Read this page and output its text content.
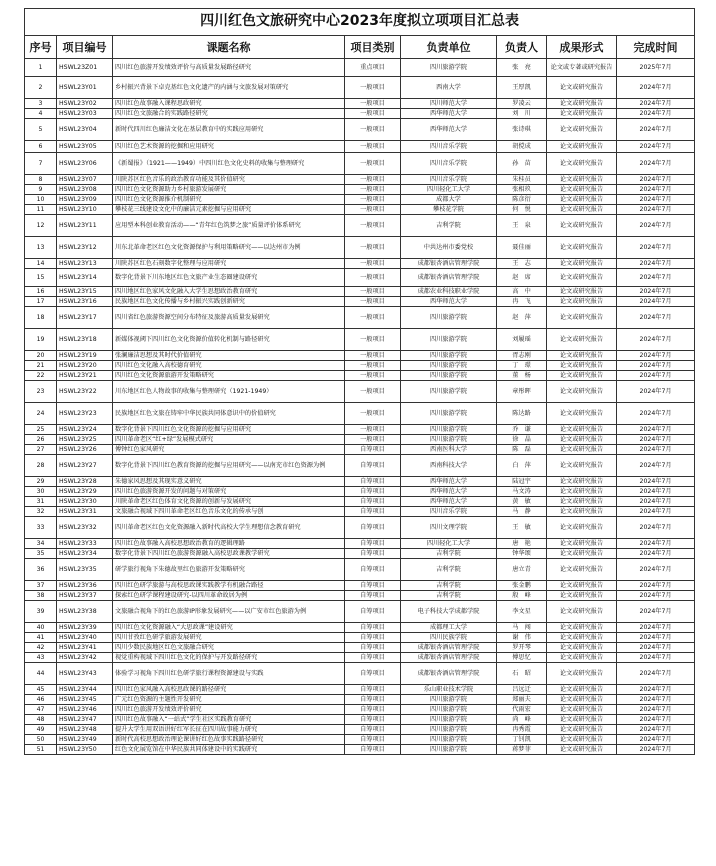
四川红色文旅研究中心2023年度拟立项项目汇总表							
序号	项目编号	课题名称	项目类别	负责单位	负责人	成果形式	完成时间
1	HSWL23Z01	四川红色旅游开发绩效评价与高质量发展路径研究	重点项目	四川旅游学院	张　亮	论文或专著或研究报告	2025年7月
2	HSWL23Y01	乡村振兴背景下卓克基红色文化遗产的内涵与文旅发展对策研究	一般项目	西南大学	王厚凯	论文或研究报告	2024年7月
3	HSWL23Y02	四川红色故事融入课程思政研究	一般项目	四川师范大学	罗凌云	论文或研究报告	2024年7月
4	HSWL23Y03	四川红色文旅融合的实践路径研究	一般项目	西华师范大学	刘　川	论文或研究报告	2024年7月
5	HSWL23Y04	新时代四川红色廉洁文化在基层教育中的实践应用研究	一般项目	西华师范大学	张诗琪	论文或研究报告	2024年7月
6	HSWL23Y05	四川红色艺术资源的挖掘和应用研究	一般项目	四川音乐学院	胡傥成	论文或研究报告	2024年7月
7	HSWL23Y06	《新蜀报》（1921——1949）中四川红色文化史料的收集与整理研究	一般项目	四川音乐学院	孙　苗	论文或研究报告	2024年7月
8	HSWL23Y07	川陕苏区红色音乐的政治教育功能及其价值研究	一般项目	四川音乐学院	朱桂员	论文或研究报告	2024年7月
9	HSWL23Y08	四川红色文化资源助力乡村旅游发展研究	一般项目	四川轻化工大学	张相玖	论文或研究报告	2024年7月
10	HSWL23Y09	四川红色文化资源推介机制研究	一般项目	成都大学	陈彦衍	论文或研究报告	2024年7月
11	HSWL23Y10	攀枝花三线建设文化中的廉洁元素挖掘与应用研究	一般项目	攀枝花学院	何　悦	论文或研究报告	2024年7月
12	HSWL23Y11	应用型本科创业教育活动——“青年红色筑梦之旅”质量评价体系研究	一般项目	吉利学院	王　泉	论文或研究报告	2024年7月
13	HSWL23Y12	川东北革命老区红色文化资源保护与利用策略研究——以达州市为例	一般项目	中共达州市委党校	聂佳丽	论文或研究报告	2024年7月
14	HSWL23Y13	川陕苏区红色石刻数字化整理与应用研究	一般项目	成都银杏酒店管理学院	王　志	论文或研究报告	2024年7月
15	HSWL23Y14	数字化背景下川东地区红色文旅产业生态圈建设研究	一般项目	成都银杏酒店管理学院	赵　席	论文或研究报告	2024年7月
16	HSWL23Y15	四川地区红色家风文化融入大学生思想政治教育研究	一般项目	成都农业科技职业学院	高　中	论文或研究报告	2024年7月
17	HSWL23Y16	民族地区红色文化传播与乡村振兴实践创新研究	一般项目	西华师范大学	冉　飞	论文或研究报告	2024年7月
18	HSWL23Y17	四川省红色旅游资源空间分布特征及旅游高质量发展研究	一般项目	四川旅游学院	赵　萍	论文或研究报告	2024年7月
19	HSWL23Y18	新媒体视阈下四川红色文化资源价值转化机制与路径研究	一般项目	四川旅游学院	刘履瑶	论文或研究报告	2024年7月
20	HSWL23Y19	张澜廉洁思想及其时代价值研究	一般项目	四川旅游学院	胥志刚	论文或研究报告	2024年7月
21	HSWL23Y20	四川红色文化融入高校德育研究	一般项目	四川旅游学院	丁　璟	论文或研究报告	2024年7月
22	HSWL23Y21	四川红色文化资源旅游开发策略研究	一般项目	四川旅游学院	董　杨	论文或研究报告	2024年7月
23	HSWL23Y22	川东地区红色人物故事的收集与整理研究（1921-1949）	一般项目	四川旅游学院	章彤晖	论文或研究报告	2024年7月
24	HSWL23Y23	民族地区红色文旅在铸牢中华民族共同体意识中的价值研究	一般项目	四川旅游学院	陈达路	论文或研究报告	2024年7月
25	HSWL23Y24	数字化背景下四川红色文化资源的挖掘与应用研究	一般项目	四川旅游学院	乔　谦	论文或研究报告	2024年7月
26	HSWL23Y25	四川革命老区“红+绿”发展模式研究	一般项目	四川旅游学院	徐　晶	论文或研究报告	2024年7月
27	HSWL23Y26	傅钟红色家风研究	自筹项目	西南医科大学	陈　磊	论文或研究报告	2024年7月
28	HSWL23Y27	数字化背景下四川红色教育资源的挖掘与应用研究——以南充市红色资源为例	自筹项目	西南科技大学	白　萍	论文或研究报告	2024年7月
29	HSWL23Y28	朱德家风思想及其现实意义研究	自筹项目	西华师范大学	陆冠宇	论文或研究报告	2024年7月
30	HSWL23Y29	四川红色旅游资源开发的问题与对策研究	自筹项目	西华师范大学	马文涛	论文或研究报告	2024年7月
31	HSWL23Y30	川陕革命老区红色体育文化资源的创新与发展研究	自筹项目	西华师范大学	黄　敏	论文或研究报告	2024年7月
32	HSWL23Y31	文旅融合视域下四川革命老区红色音乐文化的传承与创	自筹项目	四川音乐学院	马　静	论文或研究报告	2024年7月
33	HSWL23Y32	四川革命老区红色文化资源融入新时代高校大学生理想信念教育研究	自筹项目	四川文理学院	王　敏	论文或研究报告	2024年7月
34	HSWL23Y33	四川红色故事融入高校思想政治教育的逻辑理路	自筹项目	四川轻化工大学	唐　艳	论文或研究报告	2024年7月
35	HSWL23Y34	数字化背景下四川红色旅游资源融入高校思政课教学研究	自筹项目	吉利学院	钟华颂	论文或研究报告	2024年7月
36	HSWL23Y35	研学旅行视角下朱德故里红色旅游开发策略研究	自筹项目	吉利学院	唐立青	论文或研究报告	2024年7月
37	HSWL23Y36	四川红色研学旅游与高校思政课实践教学有机融合路径	自筹项目	吉利学院	张金鹏	论文或研究报告	2024年7月
38	HSWL23Y37	探索红色研学课程建设研究-以四川革命故居为例	自筹项目	吉利学院	殷　峰	论文或研究报告	2024年7月
39	HSWL23Y38	文旅融合视角下的红色旅游IP形象发展研究——以广安市红色旅游为例	自筹项目	电子科技大学成都学院	李文星	论文或研究报告	2024年7月
40	HSWL23Y39	四川红色文化资源融入“大思政课”建设研究	自筹项目	成都理工大学	马　闯	论文或研究报告	2024年7月
41	HSWL23Y40	四川甘孜红色研学旅游发展研究	自筹项目	四川民族学院	谢　伟	论文或研究报告	2024年7月
42	HSWL23Y41	四川少数民族地区红色文旅融合研究	自筹项目	成都银杏酒店管理学院	罗开琴	论文或研究报告	2024年7月
43	HSWL23Y42	视觉重构视域下四川红色文化的保护与开发路径研究	自筹项目	成都银杏酒店管理学院	傅思忆	论文或研究报告	2024年7月
44	HSWL23Y43	体验学习视角下四川红色研学旅行课程资源建设与实践	自筹项目	成都银杏酒店管理学院	石　昭	论文或研究报告	2024年7月
45	HSWL23Y44	四川红色家风融入高校思政课的路径研究	自筹项目	乐山职业技术学院	吕远迁	论文或研究报告	2024年7月
46	HSWL23Y45	广元红色资源的主题性开发研究	自筹项目	四川旅游学院	郑丽夫	论文或研究报告	2024年7月
47	HSWL23Y46	四川红色旅游开发绩效评价研究	自筹项目	四川旅游学院	代雨宏	论文或研究报告	2024年7月
48	HSWL23Y47	四川红色故事融入“一站式”学生社区实践教育研究	自筹项目	四川旅游学院	尚　峰	论文或研究报告	2024年7月
49	HSWL23Y48	提升大学生用双语讲好红军长征在四川故事能力研究	自筹项目	四川旅游学院	冉秀霞	论文或研究报告	2024年7月
50	HSWL23Y49	新时代高校思想政治理论课讲好红色故事实践路径研究	自筹项目	四川旅游学院	丁钊凯	论文或研究报告	2024年7月
51	HSWL23Y50	红色文化展览馆在中华民族共同体建设中的实践研究	自筹项目	四川旅游学院	蒋梦菲	论文或研究报告	2024年7月
